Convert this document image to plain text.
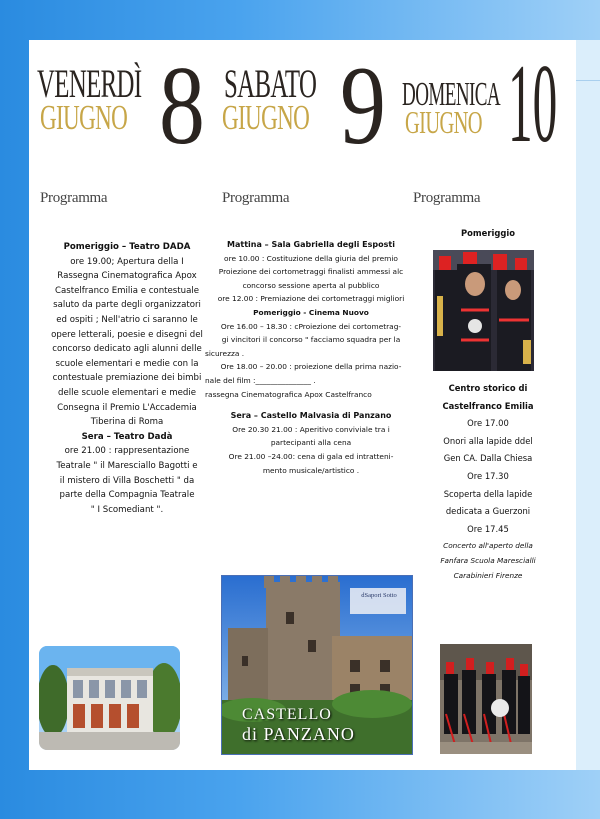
VENERDÌ
GIUGNO 8 SABATO
GIUGNO 9 DOMENICA
GIUGNO 10
Programma	Programma	Programma

Pomeriggio – Teatro DADA

ore 19.00; Apertura della I

Rassegna Cinematografica Apox

Castelfranco Emilia e contestuale

saluto da parte degli organizzatori

ed ospiti ; Nell'atrio ci saranno le

opere letterali, poesie e disegni del

concorso dedicato agli alunni delle

scuole elementari e medie con la

contestuale premiazione dei bimbi

delle scuole elementari e medie

Consegna il Premio L'Accademia

Tiberina di Roma

Sera – Teatro Dadà

ore 21.00 : rappresentazione

Teatrale " il Maresciallo Bagotti e

il mistero di Villa Boschetti " da

parte della Compagnia Teatrale

" I Scomediant ".

Mattina – Sala Gabriella degli Esposti

ore 10.00 : Costituzione della giuria del premio

Proiezione dei cortometraggi finalisti ammessi alc

concorso sessione aperta al pubblico

ore 12.00 : Premiazione dei cortometraggi migliori

Pomeriggio - Cinema Nuovo

Ore 16.00 – 18.30 : cProiezione dei cortometrag-

gi vincitori il concorso " facciamo squadra per la

sicurezza .

Ore 18.00 – 20.00 : proiezione della prima nazio-

nale del film :_______________ .

rassegna Cinematografica Apox Castelfranco

Sera – Castello Malvasia di Panzano

Ore 20.30 21.00 : Aperitivo conviviale tra i

partecipanti alla cena

Ore 21.00 –24.00: cena di gala ed intratteni-

mento musicale/artistico .

Pomeriggio

Centro storico di

Castelfranco Emilia

Ore 17.00

Onori alla lapide ddel

Gen CA. Dalla Chiesa

Ore 17.30

Scoperta della lapide

dedicata a Guerzoni

Ore 17.45

Concerto all'aperto della

Fanfara Scuola Marescialli

Carabinieri Firenze

dSapori Sotto
CASTELLO
di PANZANO
